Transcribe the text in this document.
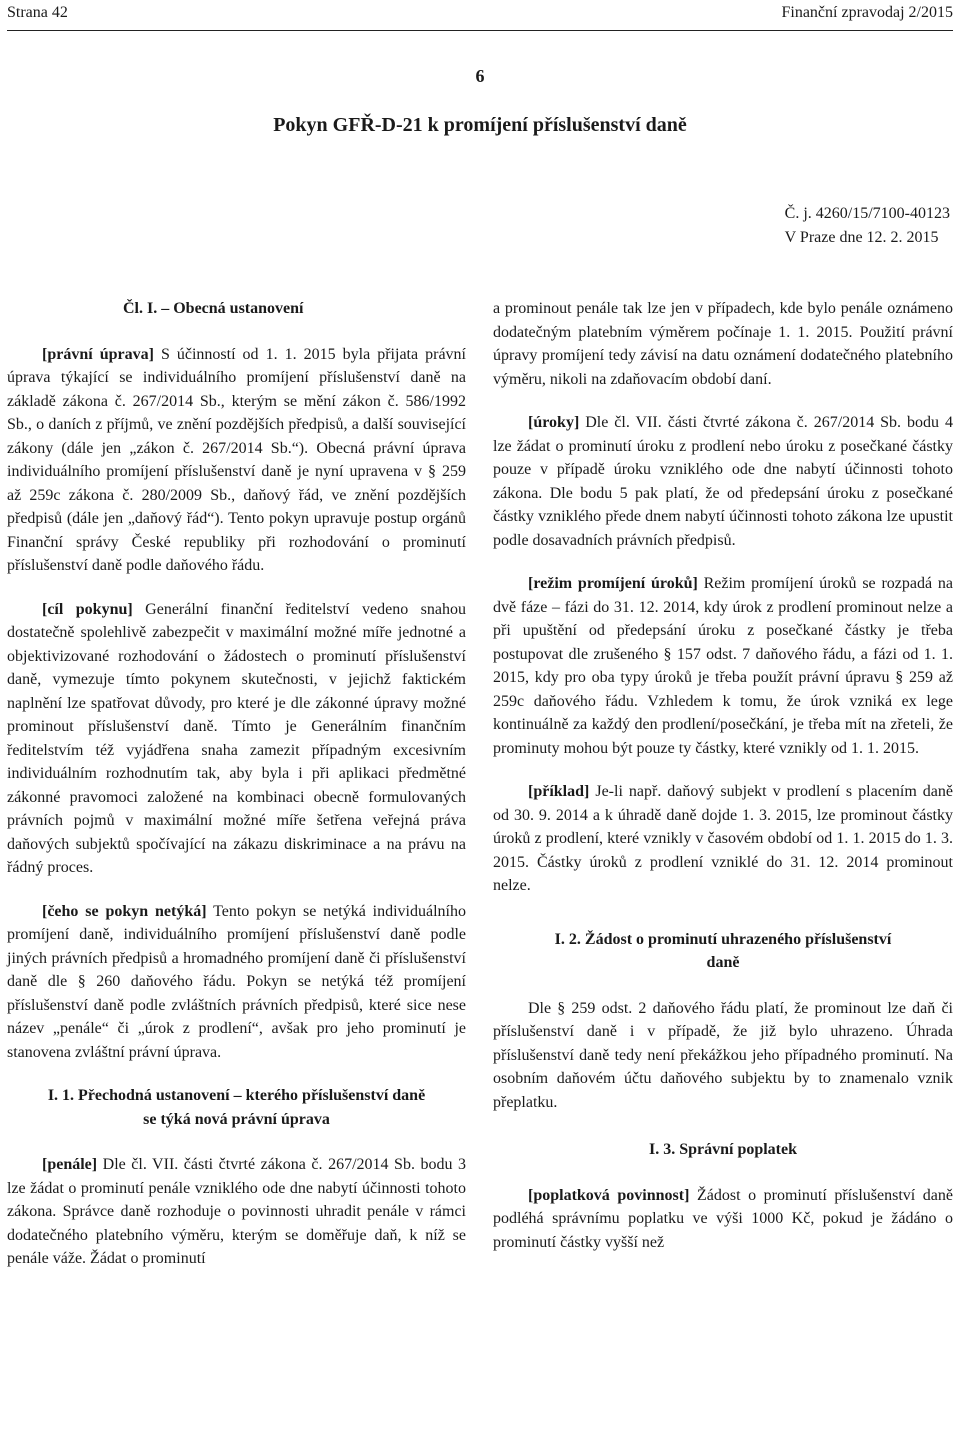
Strana 42	Finanční zpravodaj 2/2015
6
Pokyn GFŘ-D-21 k promíjení příslušenství daně
Č. j. 4260/15/7100-40123
V Praze dne 12. 2. 2015
Čl. I. – Obecná ustanovení

[právní úprava] S účinností od 1. 1. 2015 byla přijata právní úprava týkající se individuálního promíjení příslušenství daně na základě zákona č. 267/2014 Sb., kterým se mění zákon č. 586/1992 Sb., o daních z příjmů, ve znění pozdějších předpisů, a další související zákony (dále jen „zákon č. 267/2014 Sb.“). Obecná právní úprava individuálního promíjení příslušenství daně je nyní upravena v § 259 až 259c zákona č. 280/2009 Sb., daňový řád, ve znění pozdějších předpisů (dále jen „daňový řád“). Tento pokyn upravuje postup orgánů Finanční správy České republiky při rozhodování o prominutí příslušenství daně podle daňového řádu.

[cíl pokynu] Generální finanční ředitelství vedeno snahou dostatečně spolehlivě zabezpečit v maximální možné míře jednotné a objektivizované rozhodování o žádostech o prominutí příslušenství daně, vymezuje tímto pokynem skutečnosti, v jejichž faktickém naplnění lze spatřovat důvody, pro které je dle zákonné úpravy možné prominout příslušenství daně. Tímto je Generálním finančním ředitelstvím též vyjádřena snaha zamezit případným excesivním individuálním rozhodnutím tak, aby byla i při aplikaci předmětné zákonné pravomoci založené na kombinaci obecně formulovaných právních pojmů v maximální možné míře šetřena veřejná práva daňových subjektů spočívající na zákazu diskriminace a na právu na řádný proces.

[čeho se pokyn netýká] Tento pokyn se netýká individuálního promíjení daně, individuálního promíjení příslušenství daně podle jiných právních předpisů a hromadného promíjení daně či příslušenství daně dle § 260 daňového řádu. Pokyn se netýká též promíjení příslušenství daně podle zvláštních právních předpisů, které sice nese název „penále“ či „úrok z prodlení“, avšak pro jeho prominutí je stanovena zvláštní právní úprava.

I. 1. Přechodná ustanovení – kterého příslušenství daně se týká nová právní úprava

[penále] Dle čl. VII. části čtvrté zákona č. 267/2014 Sb. bodu 3 lze žádat o prominutí penále vzniklého ode dne nabytí účinnosti tohoto zákona. Správce daně rozhoduje o povinnosti uhradit penále v rámci dodatečného platebního výměru, kterým se doměřuje daň, k níž se penále váže. Žádat o prominutí

a prominout penále tak lze jen v případech, kde bylo penále oznámeno dodatečným platebním výměrem počínaje 1. 1. 2015. Použití právní úpravy promíjení tedy závisí na datu oznámení dodatečného platebního výměru, nikoli na zdaňovacím období daní.

[úroky] Dle čl. VII. části čtvrté zákona č. 267/2014 Sb. bodu 4 lze žádat o prominutí úroku z prodlení nebo úroku z posečkané částky pouze v případě úroku vzniklého ode dne nabytí účinnosti tohoto zákona. Dle bodu 5 pak platí, že od předepsání úroku z posečkané částky vzniklého přede dnem nabytí účinnosti tohoto zákona lze upustit podle dosavadních právních předpisů.

[režim promíjení úroků] Režim promíjení úroků se rozpadá na dvě fáze – fázi do 31. 12. 2014, kdy úrok z prodlení prominout nelze a při upuštění od předepsání úroku z posečkané částky je třeba postupovat dle zrušeného § 157 odst. 7 daňového řádu, a fázi od 1. 1. 2015, kdy pro oba typy úroků je třeba použít právní úpravu § 259 až 259c daňového řádu. Vzhledem k tomu, že úrok vzniká ex lege kontinuálně za každý den prodlení/posečkání, je třeba mít na zřeteli, že prominuty mohou být pouze ty částky, které vznikly od 1. 1. 2015.

[příklad] Je-li např. daňový subjekt v prodlení s placením daně od 30. 9. 2014 a k úhradě daně dojde 1. 3. 2015, lze prominout částky úroků z prodlení, které vznikly v časovém období od 1. 1. 2015 do 1. 3. 2015. Částky úroků z prodlení vzniklé do 31. 12. 2014 prominout nelze.

I. 2. Žádost o prominutí uhrazeného příslušenství daně

Dle § 259 odst. 2 daňového řádu platí, že prominout lze daň či příslušenství daně i v případě, že již bylo uhrazeno. Úhrada příslušenství daně tedy není překážkou jeho případného prominutí. Na osobním daňovém účtu daňového subjektu by to znamenalo vznik přeplatku.

I. 3. Správní poplatek

[poplatková povinnost] Žádost o prominutí příslušenství daně podléhá správnímu poplatku ve výši 1000 Kč, pokud je žádáno o prominutí částky vyšší než
